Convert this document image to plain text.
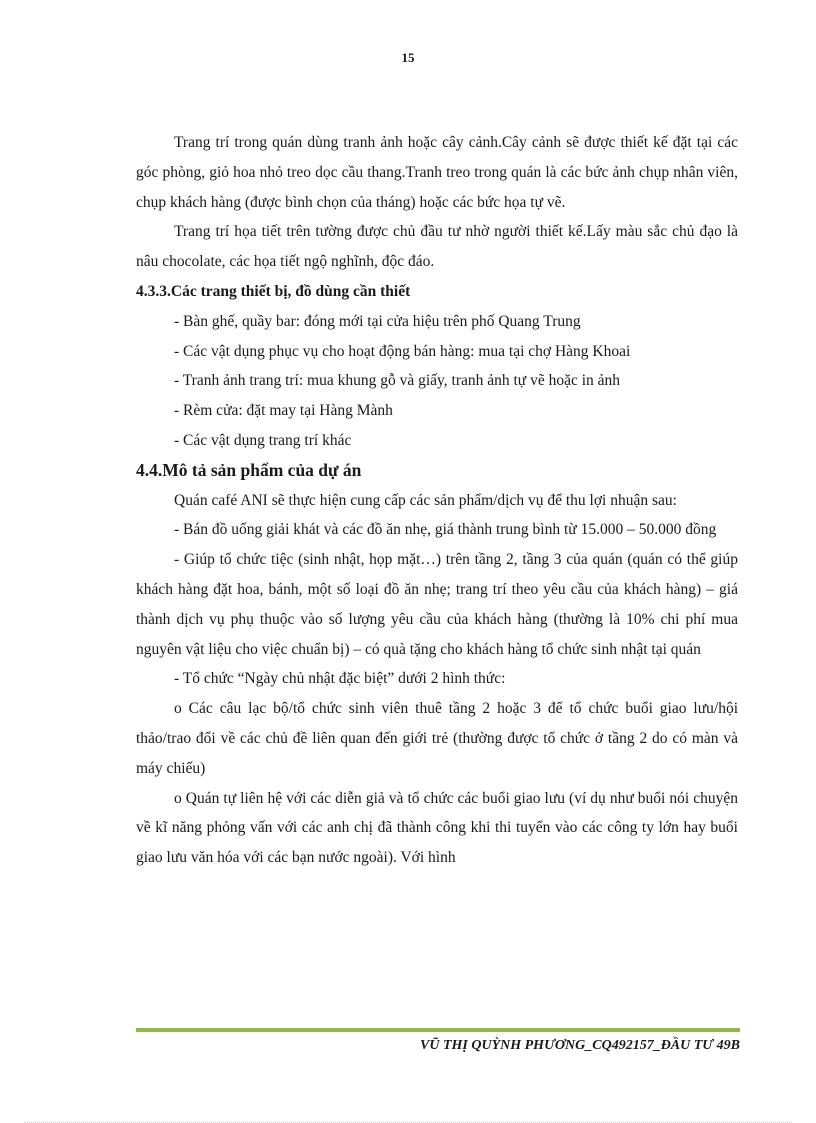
15

Trang trí trong quán dùng tranh ảnh hoặc cây cảnh.Cây cảnh sẽ được thiết kế đặt tại các góc phòng, giỏ hoa nhỏ treo dọc cầu thang.Tranh treo trong quán là các bức ảnh chụp nhân viên, chụp khách hàng (được bình chọn của tháng) hoặc các bức họa tự vẽ.

Trang trí họa tiết trên tường được chủ đầu tư nhờ người thiết kế.Lấy màu sắc chủ đạo là nâu chocolate, các họa tiết ngộ nghĩnh, độc đáo.

4.3.3.Các trang thiết bị, đồ dùng cần thiết

- Bàn ghế, quầy bar: đóng mới tại cửa hiệu trên phố Quang Trung

- Các vật dụng phục vụ cho hoạt động bán hàng: mua tại chợ Hàng Khoai

- Tranh ảnh trang trí: mua khung gỗ và giấy, tranh ảnh tự vẽ hoặc in ảnh

- Rèm cửa: đặt may tại Hàng Mành

- Các vật dụng trang trí khác

4.4.Mô tả sản phẩm của dự án

Quán café ANI sẽ thực hiện cung cấp các sản phẩm/dịch vụ để thu lợi nhuận sau:

- Bán đồ uống giải khát và các đồ ăn nhẹ, giá thành trung bình từ 15.000 – 50.000 đồng

- Giúp tổ chức tiệc (sinh nhật, họp mặt…) trên tầng 2, tầng 3 của quán (quán có thể giúp khách hàng đặt hoa, bánh, một số loại đồ ăn nhẹ; trang trí theo yêu cầu của khách hàng) – giá thành dịch vụ phụ thuộc vào số lượng yêu cầu của khách hàng (thường là 10% chi phí mua nguyên vật liệu cho việc chuẩn bị) – có quà tặng cho khách hàng tổ chức sinh nhật tại quán

- Tổ chức “Ngày chủ nhật đặc biệt” dưới 2 hình thức:

o Các câu lạc bộ/tổ chức sinh viên thuê tầng 2 hoặc 3 để tổ chức buổi giao lưu/hội thảo/trao đổi về các chủ đề liên quan đến giới trẻ (thường được tổ chức ở tầng 2 do có màn và máy chiếu)

o Quán tự liên hệ với các diễn giả và tổ chức các buổi giao lưu (ví dụ như buổi nói chuyện về kĩ năng phỏng vấn với các anh chị đã thành công khi thi tuyển vào các công ty lớn hay buổi giao lưu văn hóa với các bạn nước ngoài). Với hình

VŨ THỊ QUỲNH PHƯƠNG_CQ492157_ĐẦU TƯ 49B
